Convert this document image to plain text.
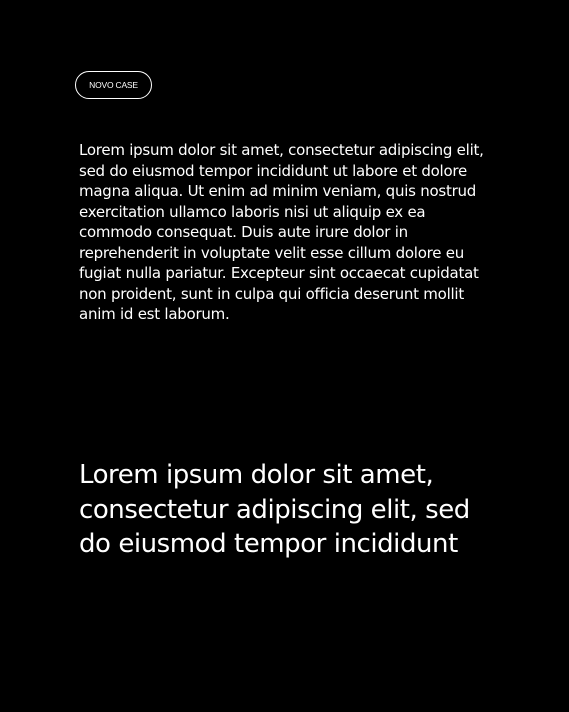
NOVO CASE

Lorem ipsum dolor sit amet, consectetur adipiscing elit, sed do eiusmod tempor incididunt ut labore et dolore magna aliqua. Ut enim ad minim veniam, quis nostrud exercitation ullamco laboris nisi ut aliquip ex ea commodo consequat. Duis aute irure dolor in reprehenderit in voluptate velit esse cillum dolore eu fugiat nulla pariatur. Excepteur sint occaecat cupidatat non proident, sunt in culpa qui officia deserunt mollit anim id est laborum.

Lorem ipsum dolor sit amet, consectetur adipiscing elit, sed do eiusmod tempor incididunt
